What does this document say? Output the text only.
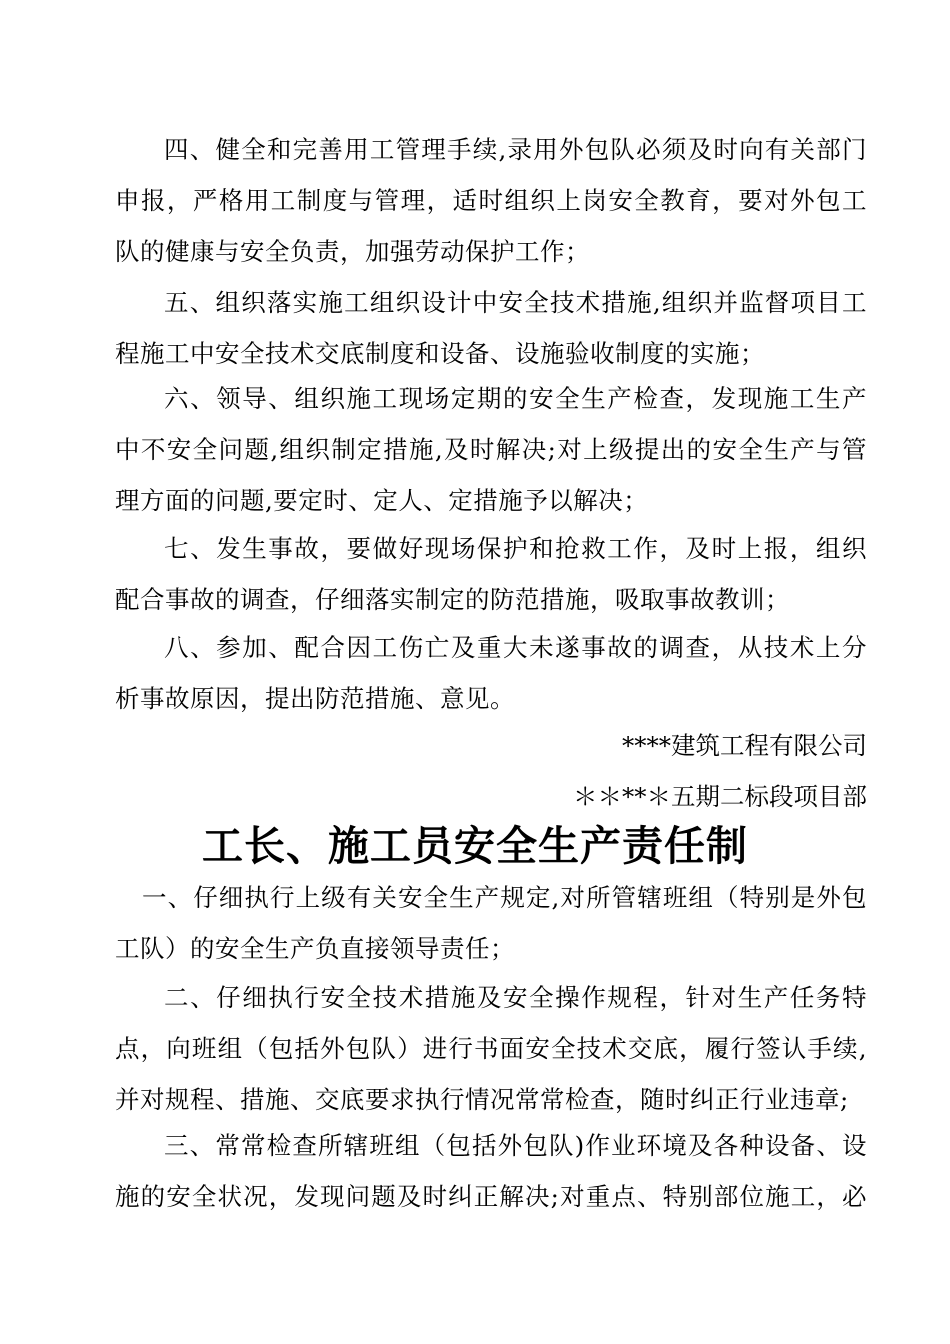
四、健全和完善用工管理手续,录用外包队必须及时向有关部门
申报，严格用工制度与管理，适时组织上岗安全教育，要对外包工
队的健康与安全负责，加强劳动保护工作；
五、组织落实施工组织设计中安全技术措施,组织并监督项目工
程施工中安全技术交底制度和设备、设施验收制度的实施；
六、领导、组织施工现场定期的安全生产检查，发现施工生产
中不安全问题,组织制定措施,及时解决;对上级提出的安全生产与管
理方面的问题,要定时、定人、定措施予以解决；
七、发生事故，要做好现场保护和抢救工作，及时上报，组织
配合事故的调查，仔细落实制定的防范措施，吸取事故教训；
八、参加、配合因工伤亡及重大未遂事故的调查，从技术上分
析事故原因，提出防范措施、意见。
****建筑工程有限公司
＊＊**＊五期二标段项目部
工长、施工员安全生产责任制
一、仔细执行上级有关安全生产规定,对所管辖班组（特别是外包
工队）的安全生产负直接领导责任；
二、仔细执行安全技术措施及安全操作规程，针对生产任务特
点，向班组（包括外包队）进行书面安全技术交底，履行签认手续,
并对规程、措施、交底要求执行情况常常检查，随时纠正行业违章;
三、常常检查所辖班组（包括外包队)作业环境及各种设备、设
施的安全状况，发现问题及时纠正解决;对重点、特别部位施工，必
